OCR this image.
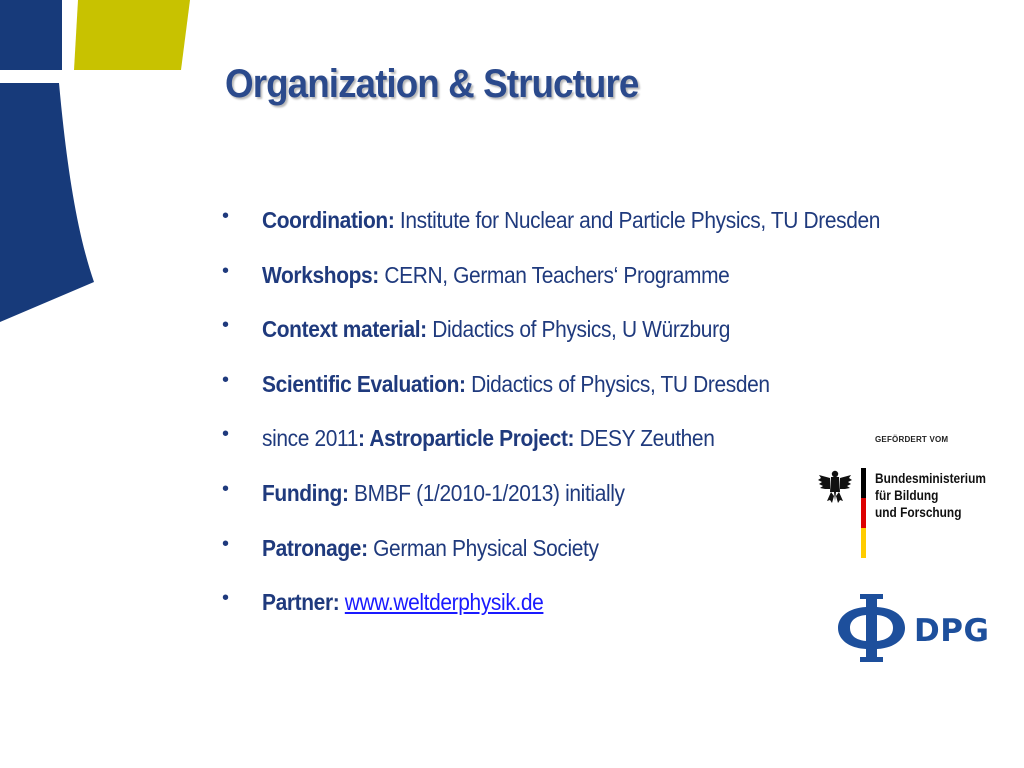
Organization & Structure
• Coordination: Institute for Nuclear and Particle Physics, TU Dresden
• Workshops: CERN, German Teachers‘ Programme
• Context material: Didactics of Physics, U Würzburg
• Scientific Evaluation: Didactics of Physics, TU Dresden
• since 2011: Astroparticle Project: DESY Zeuthen
• Funding: BMBF (1/2010-1/2013) initially
• Patronage: German Physical Society
• Partner: www.weltderphysik.de
GEFÖRDERT VOM
Bundesministerium
für Bildung
und Forschung
DPG
